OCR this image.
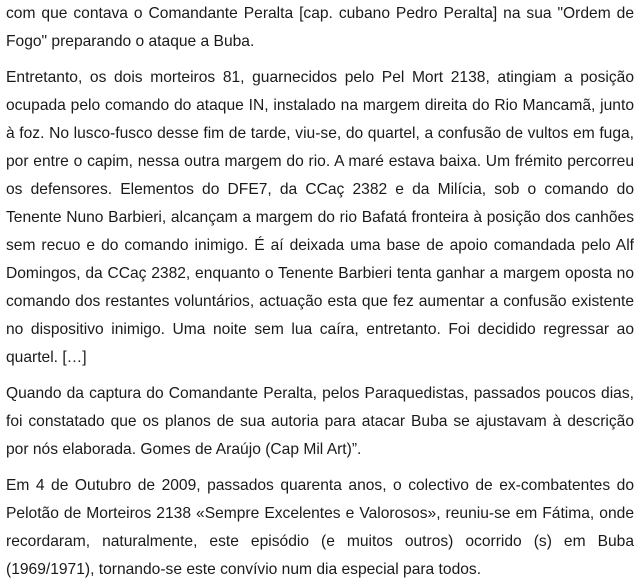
com que contava o Comandante Peralta [cap. cubano Pedro Peralta] na sua "Ordem de Fogo" preparando o ataque a Buba.

Entretanto, os dois morteiros 81, guarnecidos pelo Pel Mort 2138, atingiam a posição ocupada pelo comando do ataque IN, instalado na margem direita do Rio Mancamã, junto à foz. No lusco-fusco desse fim de tarde, viu-se, do quartel, a confusão de vultos em fuga, por entre o capim, nessa outra margem do rio. A maré estava baixa. Um frémito percorreu os defensores. Elementos do DFE7, da CCaç 2382 e da Milícia, sob o comando do Tenente Nuno Barbieri, alcançam a margem do rio Bafatá fronteira à posição dos canhões sem recuo e do comando inimigo. É aí deixada uma base de apoio comandada pelo Alf Domingos, da CCaç 2382, enquanto o Tenente Barbieri tenta ganhar a margem oposta no comando dos restantes voluntários, actuação esta que fez aumentar a confusão existente no dispositivo inimigo. Uma noite sem lua caíra, entretanto. Foi decidido regressar ao quartel. […]

Quando da captura do Comandante Peralta, pelos Paraquedistas, passados poucos dias, foi constatado que os planos de sua autoria para atacar Buba se ajustavam à descrição por nós elaborada. Gomes de Araújo (Cap Mil Art)”.

Em 4 de Outubro de 2009, passados quarenta anos, o colectivo de ex-combatentes do Pelotão de Morteiros 2138 «Sempre Excelentes e Valorosos», reuniu-se em Fátima, onde recordaram, naturalmente, este episódio (e muitos outros) ocorrido (s) em Buba (1969/1971), tornando-se este convívio num dia especial para todos.
